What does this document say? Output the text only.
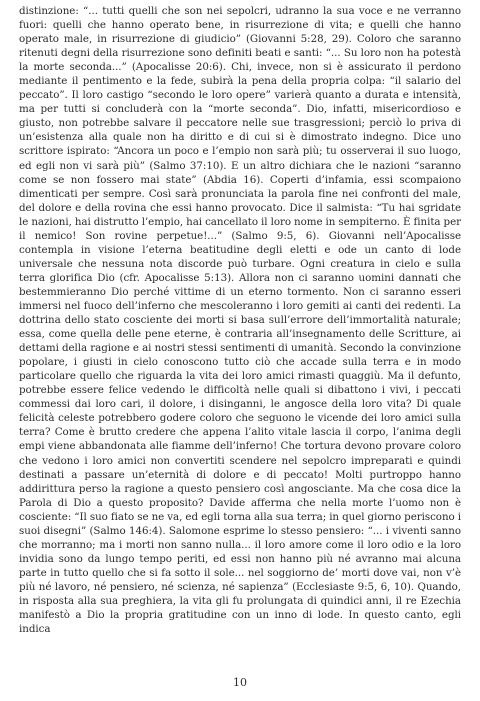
distinzione: “... tutti quelli che son nei sepolcri, udranno la sua voce e ne verranno fuori: quelli che hanno operato bene, in risurrezione di vita; e quelli che hanno operato male, in risurrezione di giudicio” (Giovanni 5:28, 29). Coloro che saranno ritenuti degni della risurrezione sono definiti beati e santi: “... Su loro non ha potestà la morte seconda...” (Apocalisse 20:6). Chi, invece, non si è assicurato il perdono mediante il pentimento e la fede, subirà la pena della propria colpa: “il salario del peccato”. Il loro castigo “secondo le loro opere” varierà quanto a durata e intensità, ma per tutti si concluderà con la “morte seconda”. Dio, infatti, misericordioso e giusto, non potrebbe salvare il peccatore nelle sue trasgressioni; perciò lo priva di un’esistenza alla quale non ha diritto e di cui si è dimostrato indegno. Dice uno scrittore ispirato: “Ancora un poco e l’empio non sarà più; tu osserverai il suo luogo, ed egli non vi sarà più” (Salmo 37:10). E un altro dichiara che le nazioni “saranno come se non fossero mai state” (Abdia 16). Coperti d’infamia, essi scompaiono dimenticati per sempre. Così sarà pronunciata la parola fine nei confronti del male, del dolore e della rovina che essi hanno provocato. Dice il salmista: “Tu hai sgridate le nazioni, hai distrutto l’empio, hai cancellato il loro nome in sempiterno. È finita per il nemico! Son rovine perpetue!...” (Salmo 9:5, 6). Giovanni nell’Apocalisse contempla in visione l’eterna beatitudine degli eletti e ode un canto di lode universale che nessuna nota discorde può turbare. Ogni creatura in cielo e sulla terra glorifica Dio (cfr. Apocalisse 5:13). Allora non ci saranno uomini dannati che bestemmieranno Dio perché vittime di un eterno tormento. Non ci saranno esseri immersi nel fuoco dell’inferno che mescoleranno i loro gemiti ai canti dei redenti. La dottrina dello stato cosciente dei morti si basa sull’errore dell’immortalità naturale; essa, come quella delle pene eterne, è contraria all’insegnamento delle Scritture, ai dettami della ragione e ai nostri stessi sentimenti di umanità. Secondo la convinzione popolare, i giusti in cielo conoscono tutto ciò che accade sulla terra e in modo particolare quello che riguarda la vita dei loro amici rimasti quaggiù. Ma il defunto, potrebbe essere felice vedendo le difficoltà nelle quali si dibattono i vivi, i peccati commessi dai loro cari, il dolore, i disinganni, le angosce della loro vita? Di quale felicità celeste potrebbero godere coloro che seguono le vicende dei loro amici sulla terra? Come è brutto credere che appena l’alito vitale lascia il corpo, l’anima degli empi viene abbandonata alle fiamme dell’inferno! Che tortura devono provare coloro che vedono i loro amici non convertiti scendere nel sepolcro impreparati e quindi destinati a passare un’eternità di dolore e di peccato! Molti purtroppo hanno addirittura perso la ragione a questo pensiero così angosciante. Ma che cosa dice la Parola di Dio a questo proposito? Davide afferma che nella morte l’uomo non è cosciente: “Il suo fiato se ne va, ed egli torna alla sua terra; in quel giorno periscono i suoi disegni” (Salmo 146:4). Salomone esprime lo stesso pensiero: “... i viventi sanno che morranno; ma i morti non sanno nulla... il loro amore come il loro odio e la loro invidia sono da lungo tempo periti, ed essi non hanno più né avranno mai alcuna parte in tutto quello che si fa sotto il sole... nel soggiorno de’ morti dove vai, non v’è più né lavoro, né pensiero, né scienza, né sapienza” (Ecclesiaste 9:5, 6, 10). Quando, in risposta alla sua preghiera, la vita gli fu prolungata di quindici anni, il re Ezechia manifestò a Dio la propria gratitudine con un inno di lode. In questo canto, egli indica

10
